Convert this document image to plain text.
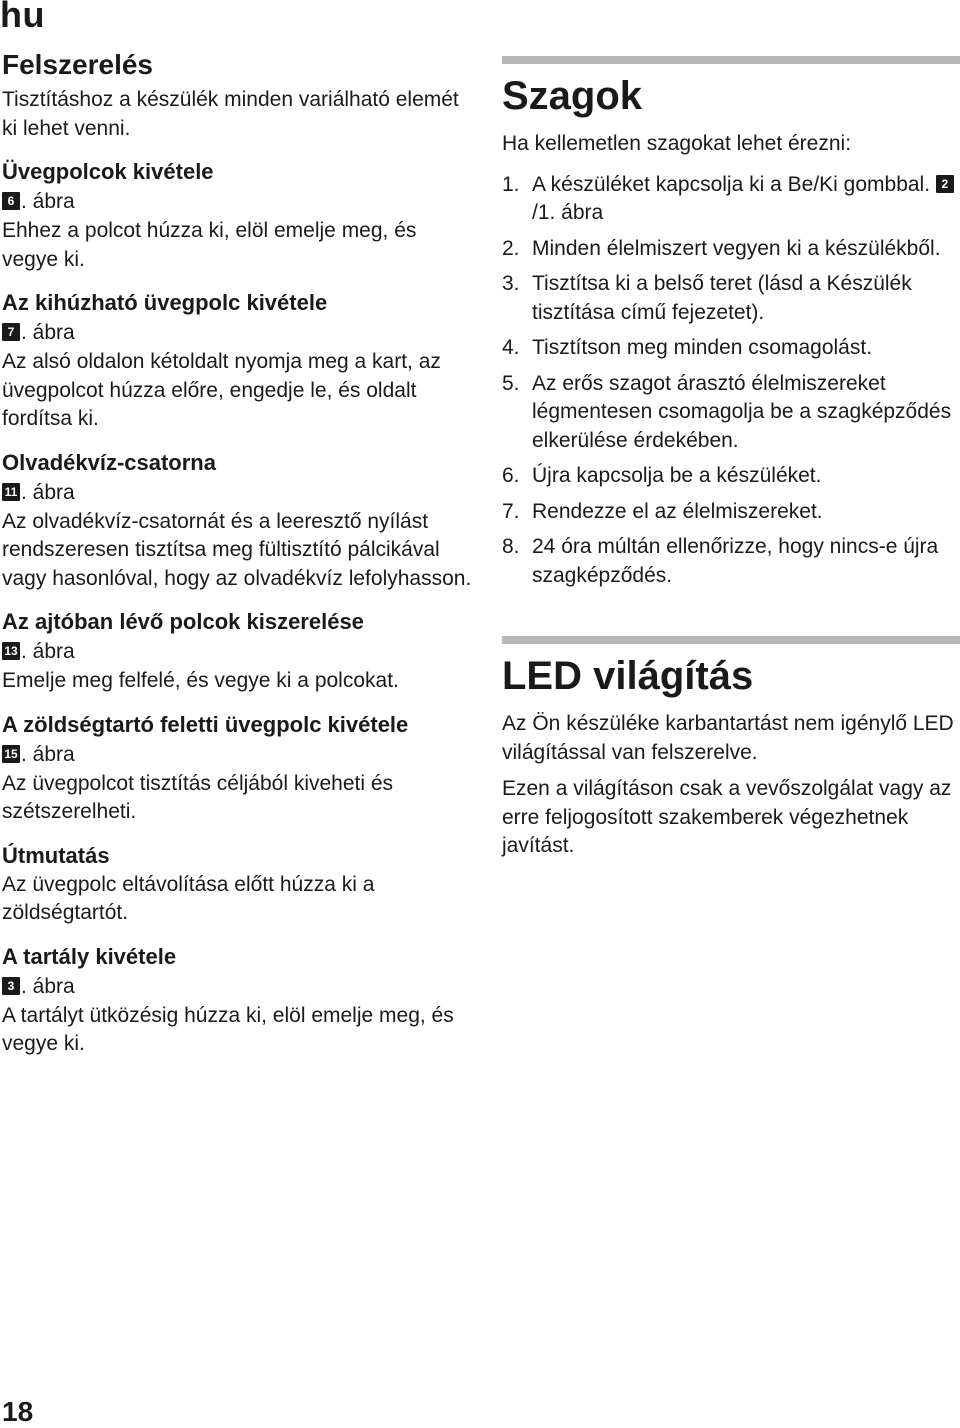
hu
Felszerelés

Tisztításhoz a készülék minden variálható elemét ki lehet venni.

Üvegpolcok kivétele
6 . ábra

Ehhez a polcot húzza ki, elöl emelje meg, és vegye ki.

Az kihúzható üvegpolc kivétele
7 . ábra

Az alsó oldalon kétoldalt nyomja meg a kart, az üvegpolcot húzza előre, engedje le, és oldalt fordítsa ki.

Olvadékvíz-csatorna
11 . ábra

Az olvadékvíz-csatornát és a leeresztő nyílást rendszeresen tisztítsa meg fültisztító pálcikával vagy hasonlóval, hogy az olvadékvíz lefolyhasson.

Az ajtóban lévő polcok kiszerelése
13 . ábra

Emelje meg felfelé, és vegye ki a polcokat.

A zöldségtartó feletti üvegpolc kivétele
15 . ábra

Az üvegpolcot tisztítás céljából kiveheti és szétszerelheti.

Útmutatás

Az üvegpolc eltávolítása előtt húzza ki a zöldségtartót.

A tartály kivétele
3 . ábra

A tartályt ütközésig húzza ki, elöl emelje meg, és vegye ki.

Szagok

Ha kellemetlen szagokat lehet érezni:

1. A készüléket kapcsolja ki a Be/Ki gombbal. 2/1. ábra
2. Minden élelmiszert vegyen ki a készülékből.
3. Tisztítsa ki a belső teret (lásd a Készülék tisztítása című fejezetet).
4. Tisztítson meg minden csomagolást.
5. Az erős szagot árasztó élelmiszereket légmentesen csomagolja be a szagképződés elkerülése érdekében.
6. Újra kapcsolja be a készüléket.
7. Rendezze el az élelmiszereket.
8. 24 óra múltán ellenőrizze, hogy nincs-e újra szagképződés.
LED világítás

Az Ön készüléke karbantartást nem igénylő LED világítással van felszerelve.

Ezen a világításon csak a vevőszolgálat vagy az erre feljogosított szakemberek végezhetnek javítást.

18
